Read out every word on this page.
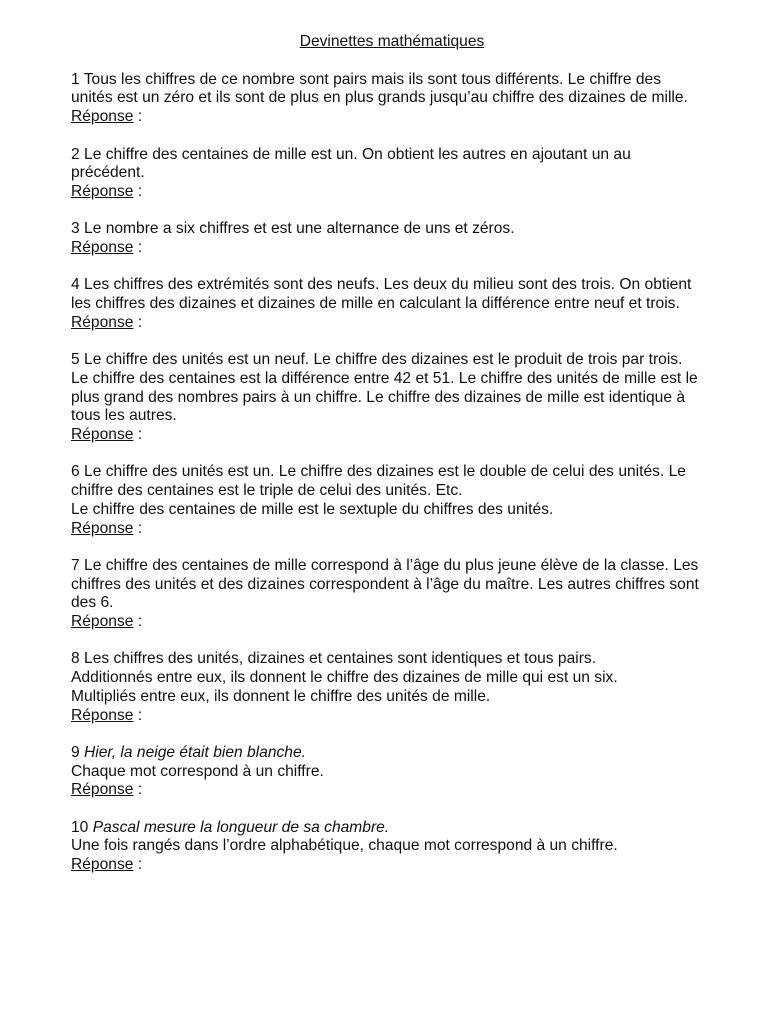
Devinettes mathématiques

1 Tous les chiffres de ce nombre sont pairs mais ils sont tous différents. Le chiffre des unités est un zéro et ils sont de plus en plus grands jusqu’au chiffre des dizaines de mille.

Réponse :

2 Le chiffre des centaines de mille est un. On obtient les autres en ajoutant un au précédent.

Réponse :

3 Le nombre a six chiffres et est une alternance de uns et zéros.

Réponse :

4 Les chiffres des extrémités sont des neufs. Les deux du milieu sont des trois. On obtient les chiffres des dizaines et dizaines de mille en calculant la différence entre neuf et trois.

Réponse :

5 Le chiffre des unités est un neuf. Le chiffre des dizaines est le produit de trois par trois. Le chiffre des centaines est la différence entre 42 et 51. Le chiffre des unités de mille est le plus grand des nombres pairs à un chiffre. Le chiffre des dizaines de mille est identique à tous les autres.

Réponse :

6 Le chiffre des unités est un. Le chiffre des dizaines est le double de celui des unités. Le chiffre des centaines est le triple de celui des unités. Etc.

Le chiffre des centaines de mille est le sextuple du chiffres des unités.

Réponse :

7 Le chiffre des centaines de mille correspond à l’âge du plus jeune élève de la classe. Les chiffres des unités et des dizaines correspondent à l’âge du maître. Les autres chiffres sont des 6.

Réponse :

8 Les chiffres des unités, dizaines et centaines sont identiques et tous pairs.

Additionnés entre eux, ils donnent le chiffre des dizaines de mille qui est un six.

Multipliés entre eux, ils donnent le chiffre des unités de mille.

Réponse :

9 Hier, la neige était bien blanche.

Chaque mot correspond à un chiffre.

Réponse :

10 Pascal mesure la longueur de sa chambre.

Une fois rangés dans l’ordre alphabétique, chaque mot correspond à un chiffre.

Réponse :
